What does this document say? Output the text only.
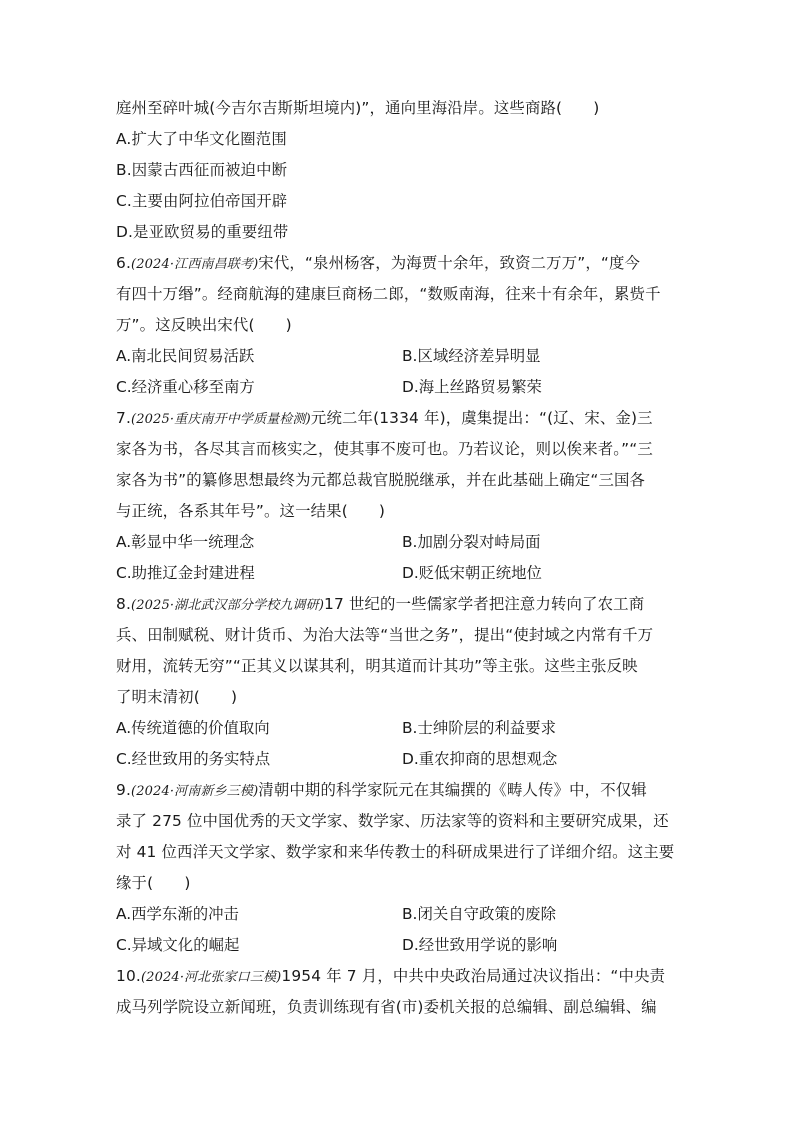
庭州至碎叶城(今吉尔吉斯斯坦境内)”，通向里海沿岸。这些商路(　　)
A.扩大了中华文化圈范围
B.因蒙古西征而被迫中断
C.主要由阿拉伯帝国开辟
D.是亚欧贸易的重要纽带
6.(2024·江西南昌联考)宋代，“泉州杨客，为海贾十余年，致资二万万”，“度今
有四十万缗”。经商航海的建康巨商杨二郎，“数贩南海，往来十有余年，累赀千
万”。这反映出宋代(　　)
A.南北民间贸易活跃	B.区域经济差异明显
C.经济重心移至南方	D.海上丝路贸易繁荣
7.(2025·重庆南开中学质量检测)元统二年(1334 年)，虞集提出：“(辽、宋、金)三
家各为书，各尽其言而核实之，使其事不废可也。乃若议论，则以俟来者。”“三
家各为书”的纂修思想最终为元都总裁官脱脱继承，并在此基础上确定“三国各
与正统，各系其年号”。这一结果(　　)
A.彰显中华一统理念	B.加剧分裂对峙局面
C.助推辽金封建进程	D.贬低宋朝正统地位
8.(2025·湖北武汉部分学校九调研)17 世纪的一些儒家学者把注意力转向了农工商
兵、田制赋税、财计货币、为治大法等“当世之务”，提出“使封域之内常有千万
财用，流转无穷”“正其义以谋其利，明其道而计其功”等主张。这些主张反映
了明末清初(　　)
A.传统道德的价值取向	B.士绅阶层的利益要求
C.经世致用的务实特点	D.重农抑商的思想观念
9.(2024·河南新乡三模)清朝中期的科学家阮元在其编撰的《畴人传》中，不仅辑
录了 275 位中国优秀的天文学家、数学家、历法家等的资料和主要研究成果，还
对 41 位西洋天文学家、数学家和来华传教士的科研成果进行了详细介绍。这主要
缘于(　　)
A.西学东渐的冲击	B.闭关自守政策的废除
C.异域文化的崛起	D.经世致用学说的影响
10.(2024·河北张家口三模)1954 年 7 月，中共中央政治局通过决议指出：“中央责
成马列学院设立新闻班，负责训练现有省(市)委机关报的总编辑、副总编辑、编
